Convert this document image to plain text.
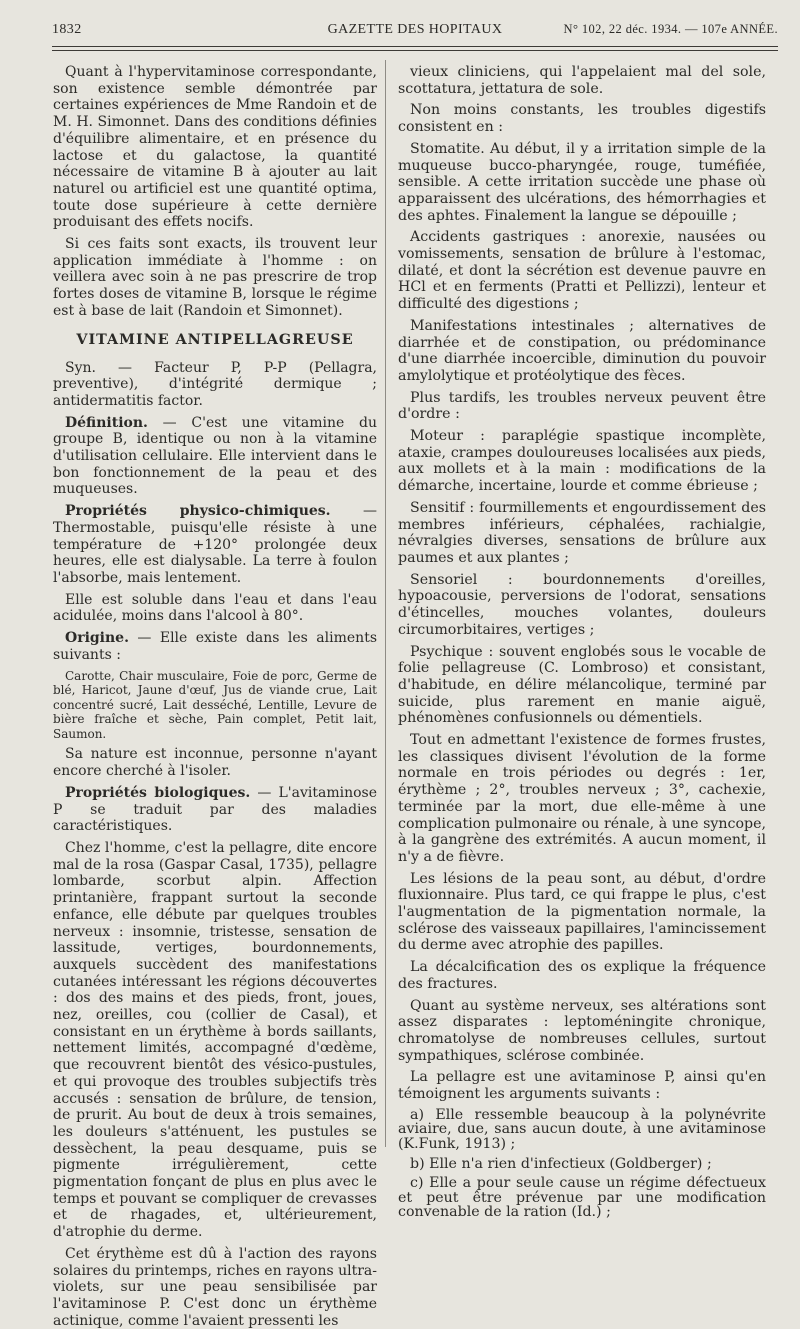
1832	GAZETTE DES HOPITAUX	N° 102, 22 déc. 1934. — 107e ANNÉE.

Quant à l'hypervitaminose correspondante, son existence semble démontrée par certaines expériences de Mme Randoin et de M. H. Simonnet. Dans des conditions définies d'équilibre alimentaire, et en présence du lactose et du galactose, la quantité nécessaire de vitamine B à ajouter au lait naturel ou artificiel est une quantité optima, toute dose supérieure à cette dernière produisant des effets nocifs.

Si ces faits sont exacts, ils trouvent leur application immédiate à l'homme : on veillera avec soin à ne pas prescrire de trop fortes doses de vitamine B, lorsque le régime est à base de lait (Randoin et Simonnet).

VITAMINE ANTIPELLAGREUSE

Syn. — Facteur P, P-P (Pellagra, preventive), d'intégrité dermique ; antidermatitis factor.

Définition. — C'est une vitamine du groupe B, identique ou non à la vitamine d'utilisation cellulaire. Elle intervient dans le bon fonctionnement de la peau et des muqueuses.

Propriétés physico-chimiques. — Thermostable, puisqu'elle résiste à une température de +120° prolongée deux heures, elle est dialysable. La terre à foulon l'absorbe, mais lentement.

Elle est soluble dans l'eau et dans l'eau acidulée, moins dans l'alcool à 80°.

Origine. — Elle existe dans les aliments suivants :

Carotte, Chair musculaire, Foie de porc, Germe de blé, Haricot, Jaune d'œuf, Jus de viande crue, Lait concentré sucré, Lait desséché, Lentille, Levure de bière fraîche et sèche, Pain complet, Petit lait, Saumon.

Sa nature est inconnue, personne n'ayant encore cherché à l'isoler.

Propriétés biologiques. — L'avitaminose P se traduit par des maladies caractéristiques.

Chez l'homme, c'est la pellagre, dite encore mal de la rosa (Gaspar Casal, 1735), pellagre lombarde, scorbut alpin. Affection printanière, frappant surtout la seconde enfance, elle débute par quelques troubles nerveux : insomnie, tristesse, sensation de lassitude, vertiges, bourdonnements, auxquels succèdent des manifestations cutanées intéressant les régions découvertes : dos des mains et des pieds, front, joues, nez, oreilles, cou (collier de Casal), et consistant en un érythème à bords saillants, nettement limités, accompagné d'œdème, que recouvrent bientôt des vésico-pustules, et qui provoque des troubles subjectifs très accusés : sensation de brûlure, de tension, de prurit. Au bout de deux à trois semaines, les douleurs s'atténuent, les pustules se dessèchent, la peau desquame, puis se pigmente irrégulièrement, cette pigmentation fonçant de plus en plus avec le temps et pouvant se compliquer de crevasses et de rhagades, et, ultérieurement, d'atrophie du derme.

Cet érythème est dû à l'action des rayons solaires du printemps, riches en rayons ultra-violets, sur une peau sensibilisée par l'avitaminose P. C'est donc un érythème actinique, comme l'avaient pressenti les

vieux cliniciens, qui l'appelaient mal del sole, scottatura, jettatura de sole.

Non moins constants, les troubles digestifs consistent en :

Stomatite. Au début, il y a irritation simple de la muqueuse bucco-pharyngée, rouge, tuméfiée, sensible. A cette irritation succède une phase où apparaissent des ulcérations, des hémorrhagies et des aphtes. Finalement la langue se dépouille ;

Accidents gastriques : anorexie, nausées ou vomissements, sensation de brûlure à l'estomac, dilaté, et dont la sécrétion est devenue pauvre en HCl et en ferments (Pratti et Pellizzi), lenteur et difficulté des digestions ;

Manifestations intestinales ; alternatives de diarrhée et de constipation, ou prédominance d'une diarrhée incoercible, diminution du pouvoir amylolytique et protéolytique des fèces.

Plus tardifs, les troubles nerveux peuvent être d'ordre :

Moteur : paraplégie spastique incomplète, ataxie, crampes douloureuses localisées aux pieds, aux mollets et à la main : modifications de la démarche, incertaine, lourde et comme ébrieuse ;

Sensitif : fourmillements et engourdissement des membres inférieurs, céphalées, rachialgie, névralgies diverses, sensations de brûlure aux paumes et aux plantes ;

Sensoriel : bourdonnements d'oreilles, hypoacousie, perversions de l'odorat, sensations d'étincelles, mouches volantes, douleurs circumorbitaires, vertiges ;

Psychique : souvent englobés sous le vocable de folie pellagreuse (C. Lombroso) et consistant, d'habitude, en délire mélancolique, terminé par suicide, plus rarement en manie aiguë, phénomènes confusionnels ou démentiels.

Tout en admettant l'existence de formes frustes, les classiques divisent l'évolution de la forme normale en trois périodes ou degrés : 1er, érythème ; 2°, troubles nerveux ; 3°, cachexie, terminée par la mort, due elle-même à une complication pulmonaire ou rénale, à une syncope, à la gangrène des extrémités. A aucun moment, il n'y a de fièvre.

Les lésions de la peau sont, au début, d'ordre fluxionnaire. Plus tard, ce qui frappe le plus, c'est l'augmentation de la pigmentation normale, la sclérose des vaisseaux papillaires, l'amincissement du derme avec atrophie des papilles.

La décalcification des os explique la fréquence des fractures.

Quant au système nerveux, ses altérations sont assez disparates : leptoméningite chronique, chromatolyse de nombreuses cellules, surtout sympathiques, sclérose combinée.

La pellagre est une avitaminose P, ainsi qu'en témoignent les arguments suivants :

a) Elle ressemble beaucoup à la polynévrite aviaire, due, sans aucun doute, à une avitaminose (K.Funk, 1913) ;

b) Elle n'a rien d'infectieux (Goldberger) ;

c) Elle a pour seule cause un régime défectueux et peut être prévenue par une modification convenable de la ration (Id.) ;
